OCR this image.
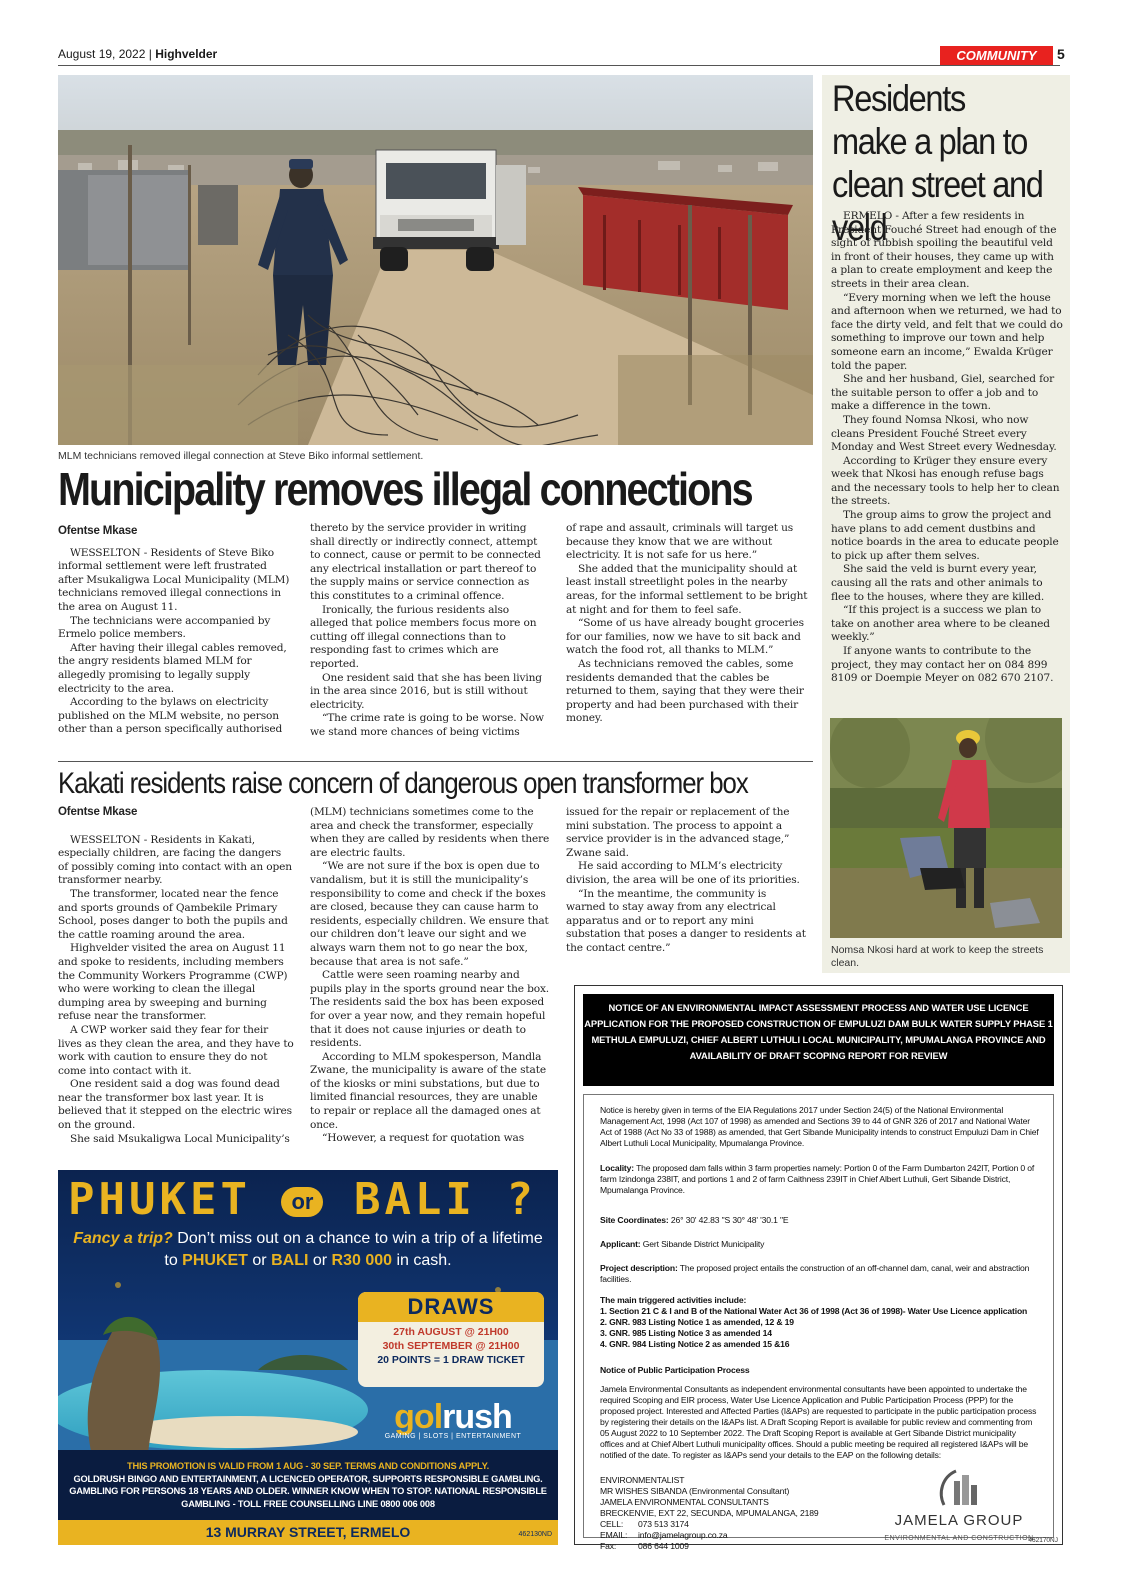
August 19, 2022 | Highvelder	COMMUNITY	5
MLM technicians removed illegal connection at Steve Biko informal settlement.
Municipality removes illegal connections
Ofentse Mkase

WESSELTON - Residents of Steve Biko informal settlement were left frustrated after Msukaligwa Local Municipality (MLM) technicians removed illegal connections in the area on August 11.

The technicians were accompanied by Ermelo police members.

After having their illegal cables removed, the angry residents blamed MLM for allegedly promising to legally supply electricity to the area.

According to the bylaws on electricity published on the MLM website, no person other than a person specifically authorised

thereto by the service provider in writing shall directly or indirectly connect, attempt to connect, cause or permit to be connected any electrical installation or part thereof to the supply mains or service connection as this constitutes to a criminal offence.

Ironically, the furious residents also alleged that police members focus more on cutting off illegal connections than to responding fast to crimes which are reported.

One resident said that she has been living in the area since 2016, but is still without electricity.

“The crime rate is going to be worse. Now we stand more chances of being victims

of rape and assault, criminals will target us because they know that we are without electricity. It is not safe for us here.”

She added that the municipality should at least install streetlight poles in the nearby areas, for the informal settlement to be bright at night and for them to feel safe.

“Some of us have already bought groceries for our families, now we have to sit back and watch the food rot, all thanks to MLM.”

As technicians removed the cables, some residents demanded that the cables be returned to them, saying that they were their property and had been purchased with their money.

Residents make a plan to clean street and veld

ERMELO - After a few residents in President Fouché Street had enough of the sight of rubbish spoiling the beautiful veld in front of their houses, they came up with a plan to create employment and keep the streets in their area clean.

“Every morning when we left the house and afternoon when we returned, we had to face the dirty veld, and felt that we could do something to improve our town and help someone earn an income,” Ewalda Krüger told the paper.

She and her husband, Giel, searched for the suitable person to offer a job and to make a difference in the town.

They found Nomsa Nkosi, who now cleans President Fouché Street every Monday and West Street every Wednesday.

According to Krüger they ensure every week that Nkosi has enough refuse bags and the necessary tools to help her to clean the streets.

The group aims to grow the project and have plans to add cement dustbins and notice boards in the area to educate people to pick up after them selves.

She said the veld is burnt every year, causing all the rats and other animals to flee to the houses, where they are killed.

“If this project is a success we plan to take on another area where to be cleaned weekly.”

If anyone wants to contribute to the project, they may contact her on 084 899 8109 or Doempie Meyer on 082 670 2107.

Nomsa Nkosi hard at work to keep the streets clean.
Kakati residents raise concern of dangerous open transformer box
Ofentse Mkase

WESSELTON - Residents in Kakati, especially children, are facing the dangers of possibly coming into contact with an open transformer nearby.

The transformer, located near the fence and sports grounds of Qambekile Primary School, poses danger to both the pupils and the cattle roaming around the area.

Highvelder visited the area on August 11 and spoke to residents, including members the Community Workers Programme (CWP) who were working to clean the illegal dumping area by sweeping and burning refuse near the transformer.

A CWP worker said they fear for their lives as they clean the area, and they have to work with caution to ensure they do not come into contact with it.

One resident said a dog was found dead near the transformer box last year. It is believed that it stepped on the electric wires on the ground.

She said Msukaligwa Local Municipality’s

(MLM) technicians sometimes come to the area and check the transformer, especially when they are called by residents when there are electric faults.

“We are not sure if the box is open due to vandalism, but it is still the municipality’s responsibility to come and check if the boxes are closed, because they can cause harm to residents, especially children. We ensure that our children don’t leave our sight and we always warn them not to go near the box, because that area is not safe.”

Cattle were seen roaming nearby and pupils play in the sports ground near the box. The residents said the box has been exposed for over a year now, and they remain hopeful that it does not cause injuries or death to residents.

According to MLM spokesperson, Mandla Zwane, the municipality is aware of the state of the kiosks or mini substations, but due to limited financial resources, they are unable to repair or replace all the damaged ones at once.

“However, a request for quotation was

issued for the repair or replacement of the mini substation. The process to appoint a service provider is in the advanced stage,” Zwane said.

He said according to MLM’s electricity division, the area will be one of its priorities.

“In the meantime, the community is warned to stay away from any electrical apparatus and or to report any mini substation that poses a danger to residents at the contact centre.”

PHUKET or BALI ?
Fancy a trip? Don’t miss out on a chance to win a trip of a lifetime to PHUKET or BALI or R30 000 in cash.
DRAWS
27th AUGUST @ 21H00
30th SEPTEMBER @ 21H00
20 POINTS = 1 DRAW TICKET
golrush
GAMING | SLOTS | ENTERTAINMENT
THIS PROMOTION IS VALID FROM 1 AUG - 30 SEP. TERMS AND CONDITIONS APPLY.
GOLDRUSH BINGO AND ENTERTAINMENT, A LICENCED OPERATOR, SUPPORTS RESPONSIBLE GAMBLING. GAMBLING FOR PERSONS 18 YEARS AND OLDER. WINNER KNOW WHEN TO STOP. NATIONAL RESPONSIBLE GAMBLING - TOLL FREE COUNSELLING LINE 0800 006 008
13 MURRAY STREET, ERMELO	462130ND
NOTICE OF AN ENVIRONMENTAL IMPACT ASSESSMENT PROCESS AND WATER USE LICENCE APPLICATION FOR THE PROPOSED CONSTRUCTION OF EMPULUZI DAM BULK WATER SUPPLY PHASE 1 METHULA EMPULUZI, CHIEF ALBERT LUTHULI LOCAL MUNICIPALITY, MPUMALANGA PROVINCE AND AVAILABILITY OF DRAFT SCOPING REPORT FOR REVIEW
Notice is hereby given in terms of the EIA Regulations 2017 under Section 24(5) of the National Environmental Management Act, 1998 (Act 107 of 1998) as amended and Sections 39 to 44 of GNR 326 of 2017 and National Water Act of 1988 (Act No 33 of 1988) as amended, that Gert Sibande Municipality intends to construct Empuluzi Dam in Chief Albert Luthuli Local Municipality, Mpumalanga Province.
Locality: The proposed dam falls within 3 farm properties namely: Portion 0 of the Farm Dumbarton 242IT, Portion 0 of farm Izindonga 238IT, and portions 1 and 2 of farm Caithness 239IT in Chief Albert Luthuli, Gert Sibande District, Mpumalanga Province.
Site Coordinates: 26° 30' 42.83 "S 30° 48' '30.1 "E
Applicant: Gert Sibande District Municipality
Project description: The proposed project entails the construction of an off-channel dam, canal, weir and abstraction facilities.
The main triggered activities include:
1. Section 21 C & I and B of the National Water Act 36 of 1998 (Act 36 of 1998)- Water Use Licence application
2. GNR. 983 Listing Notice 1 as amended, 12 & 19
3. GNR. 985 Listing Notice 3 as amended 14
4. GNR. 984 Listing Notice 2 as amended 15 &16
Notice of Public Participation Process
Jamela Environmental Consultants as independent environmental consultants have been appointed to undertake the required Scoping and EIR process, Water Use Licence Application and Public Participation Process (PPP) for the proposed project. Interested and Affected Parties (I&APs) are requested to participate in the public participation process by registering their details on the I&APs list. A Draft Scoping Report is available for public review and commenting from 05 August 2022 to 10 September 2022. The Draft Scoping Report is available at Gert Sibande District municipality offices and at Chief Albert Luthuli municipality offices. Should a public meeting be required all registered I&APs will be notified of the date. To register as I&APs send your details to the EAP on the following details:
ENVIRONMENTALIST
MR WISHES SIBANDA (Environmental Consultant)
JAMELA ENVIRONMENTAL CONSULTANTS
BRECKENVIE, EXT 22, SECUNDA, MPUMALANGA, 2189
CELL: 073 513 3174
EMAIL: info@jamelagroup.co.za
Fax:	086 644 1009
JAMELA GROUP
ENVIRONMENTAL AND CONSTRUCTION
462170NJ
